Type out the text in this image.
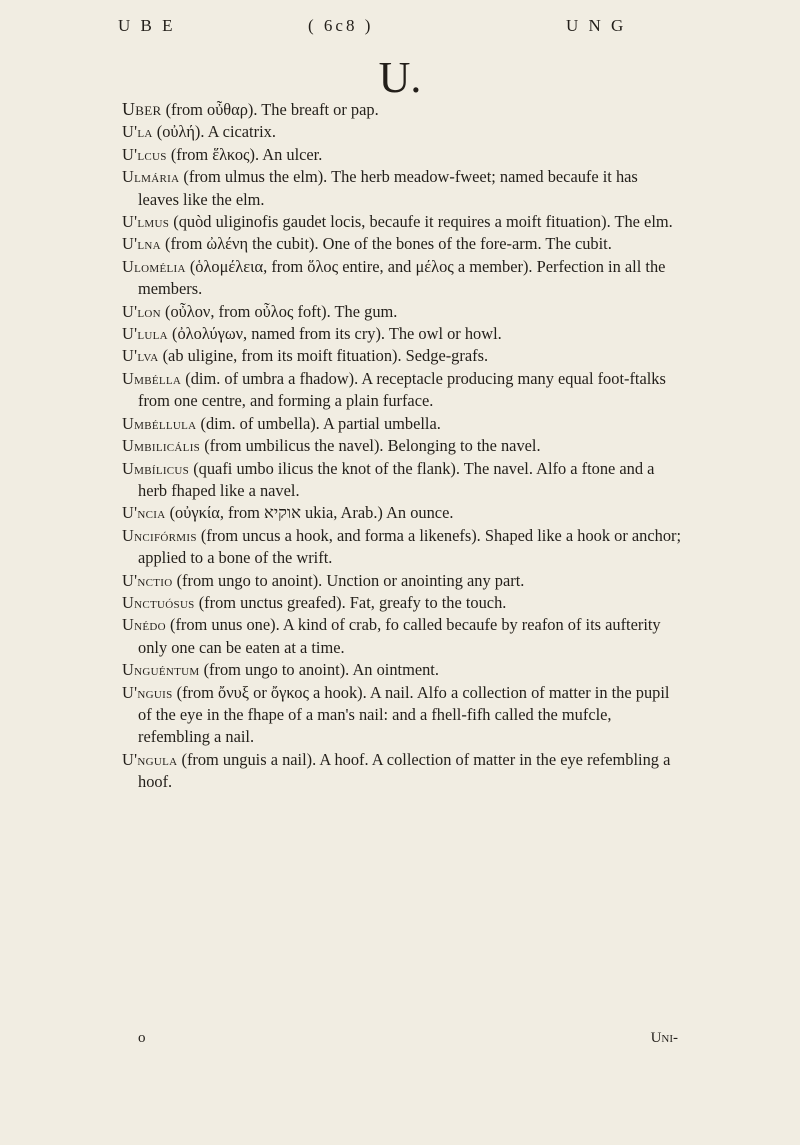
U B E	( 6c8 )	U N G
U.

Uber (from οὖθαρ). The breaft or pap.

U'la (οὐλή). A cicatrix.

U'lcus (from ἕλκος). An ulcer.

Ulmária (from ulmus the elm). The herb meadow-fweet; named becaufe it has leaves like the elm.

U'lmus (quòd uliginofis gaudet locis, becaufe it requires a moift fituation). The elm.

U'lna (from ὠλένη the cubit). One of the bones of the fore-arm. The cubit.

Ulomélia (ὁλομέλεια, from ὅλος entire, and μέλος a member). Perfection in all the members.

U'lon (οὖλον, from οὖλος foft). The gum.

U'lula (ὀλολύγων, named from its cry). The owl or howl.

U'lva (ab uligine, from its moift fituation). Sedge-grafs.

Umbélla (dim. of umbra a fhadow). A receptacle producing many equal foot-ftalks from one centre, and forming a plain furface.

Umbéllula (dim. of umbella). A partial umbella.

Umbilicális (from umbilicus the navel). Belonging to the navel.

Umbílicus (quafi umbo ilicus the knot of the flank). The navel. Alfo a ftone and a herb fhaped like a navel.

U'ncia (οὐγκία, from אוקיא ukia, Arab.) An ounce.

Uncifórmis (from uncus a hook, and forma a likenefs). Shaped like a hook or anchor; applied to a bone of the wrift.

U'nctio (from ungo to anoint). Unction or anointing any part.

Unctuósus (from unctus greafed). Fat, greafy to the touch.

Unédo (from unus one). A kind of crab, fo called becaufe by reafon of its aufterity only one can be eaten at a time.

Unguéntum (from ungo to anoint). An ointment.

U'nguis (from ὄνυξ or ὄγκος a hook). A nail. Alfo a collection of matter in the pupil of the eye in the fhape of a man's nail: and a fhell-fifh called the mufcle, refembling a nail.

U'ngula (from unguis a nail). A hoof. A collection of matter in the eye refembling a hoof.

o	Unı-
